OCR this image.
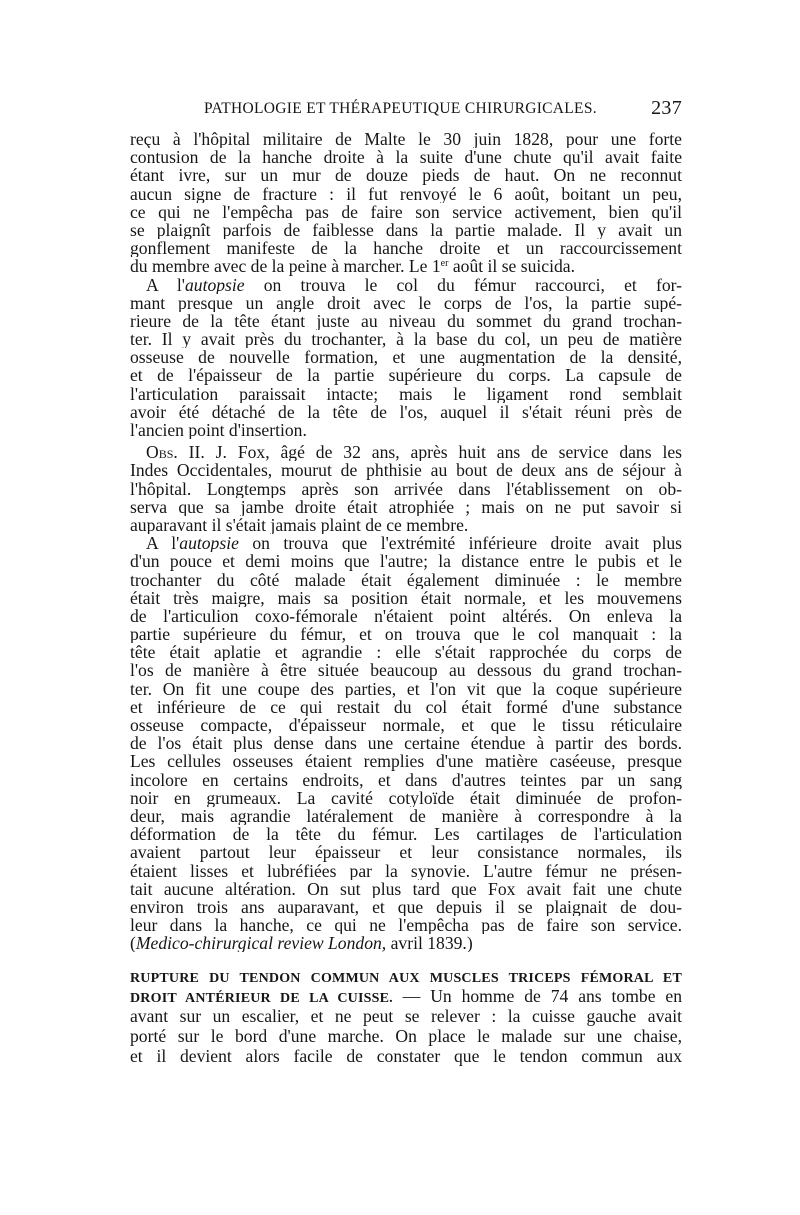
PATHOLOGIE ET THÉRAPEUTIQUE CHIRURGICALES.	237
reçu à l'hôpital militaire de Malte le 30 juin 1828, pour une forte
contusion de la hanche droite à la suite d'une chute qu'il avait faite
étant ivre, sur un mur de douze pieds de haut. On ne reconnut
aucun signe de fracture : il fut renvoyé le 6 août, boitant un peu,
ce qui ne l'empêcha pas de faire son service activement, bien qu'il
se plaignît parfois de faiblesse dans la partie malade. Il y avait un
gonflement manifeste de la hanche droite et un raccourcissement
du membre avec de la peine à marcher. Le 1er août il se suicida.
A l'autopsie on trouva le col du fémur raccourci, et for-
mant presque un angle droit avec le corps de l'os, la partie supé-
rieure de la tête étant juste au niveau du sommet du grand trochan-
ter. Il y avait près du trochanter, à la base du col, un peu de matière
osseuse de nouvelle formation, et une augmentation de la densité,
et de l'épaisseur de la partie supérieure du corps. La capsule de
l'articulation paraissait intacte; mais le ligament rond semblait
avoir été détaché de la tête de l'os, auquel il s'était réuni près de
l'ancien point d'insertion.
Obs. II. J. Fox, âgé de 32 ans, après huit ans de service dans les
Indes Occidentales, mourut de phthisie au bout de deux ans de séjour à
l'hôpital. Longtemps après son arrivée dans l'établissement on ob-
serva que sa jambe droite était atrophiée ; mais on ne put savoir si
auparavant il s'était jamais plaint de ce membre.
A l'autopsie on trouva que l'extrémité inférieure droite avait plus
d'un pouce et demi moins que l'autre; la distance entre le pubis et le
trochanter du côté malade était également diminuée : le membre
était très maigre, mais sa position était normale, et les mouvemens
de l'articulion coxo-fémorale n'étaient point altérés. On enleva la
partie supérieure du fémur, et on trouva que le col manquait : la
tête était aplatie et agrandie : elle s'était rapprochée du corps de
l'os de manière à être située beaucoup au dessous du grand trochan-
ter. On fit une coupe des parties, et l'on vit que la coque supérieure
et inférieure de ce qui restait du col était formé d'une substance
osseuse compacte, d'épaisseur normale, et que le tissu réticulaire
de l'os était plus dense dans une certaine étendue à partir des bords.
Les cellules osseuses étaient remplies d'une matière caséeuse, presque
incolore en certains endroits, et dans d'autres teintes par un sang
noir en grumeaux. La cavité cotyloïde était diminuée de profon-
deur, mais agrandie latéralement de manière à correspondre à la
déformation de la tête du fémur. Les cartilages de l'articulation
avaient partout leur épaisseur et leur consistance normales, ils
étaient lisses et lubréfiées par la synovie. L'autre fémur ne présen-
tait aucune altération. On sut plus tard que Fox avait fait une chute
environ trois ans auparavant, et que depuis il se plaignait de dou-
leur dans la hanche, ce qui ne l'empêcha pas de faire son service.
(Medico-chirurgical review London, avril 1839.)
RUPTURE DU TENDON COMMUN AUX MUSCLES TRICEPS FÉMORAL ET
DROIT ANTÉRIEUR DE LA CUISSE. — Un homme de 74 ans tombe en
avant sur un escalier, et ne peut se relever : la cuisse gauche avait
porté sur le bord d'une marche. On place le malade sur une chaise,
et il devient alors facile de constater que le tendon commun aux
